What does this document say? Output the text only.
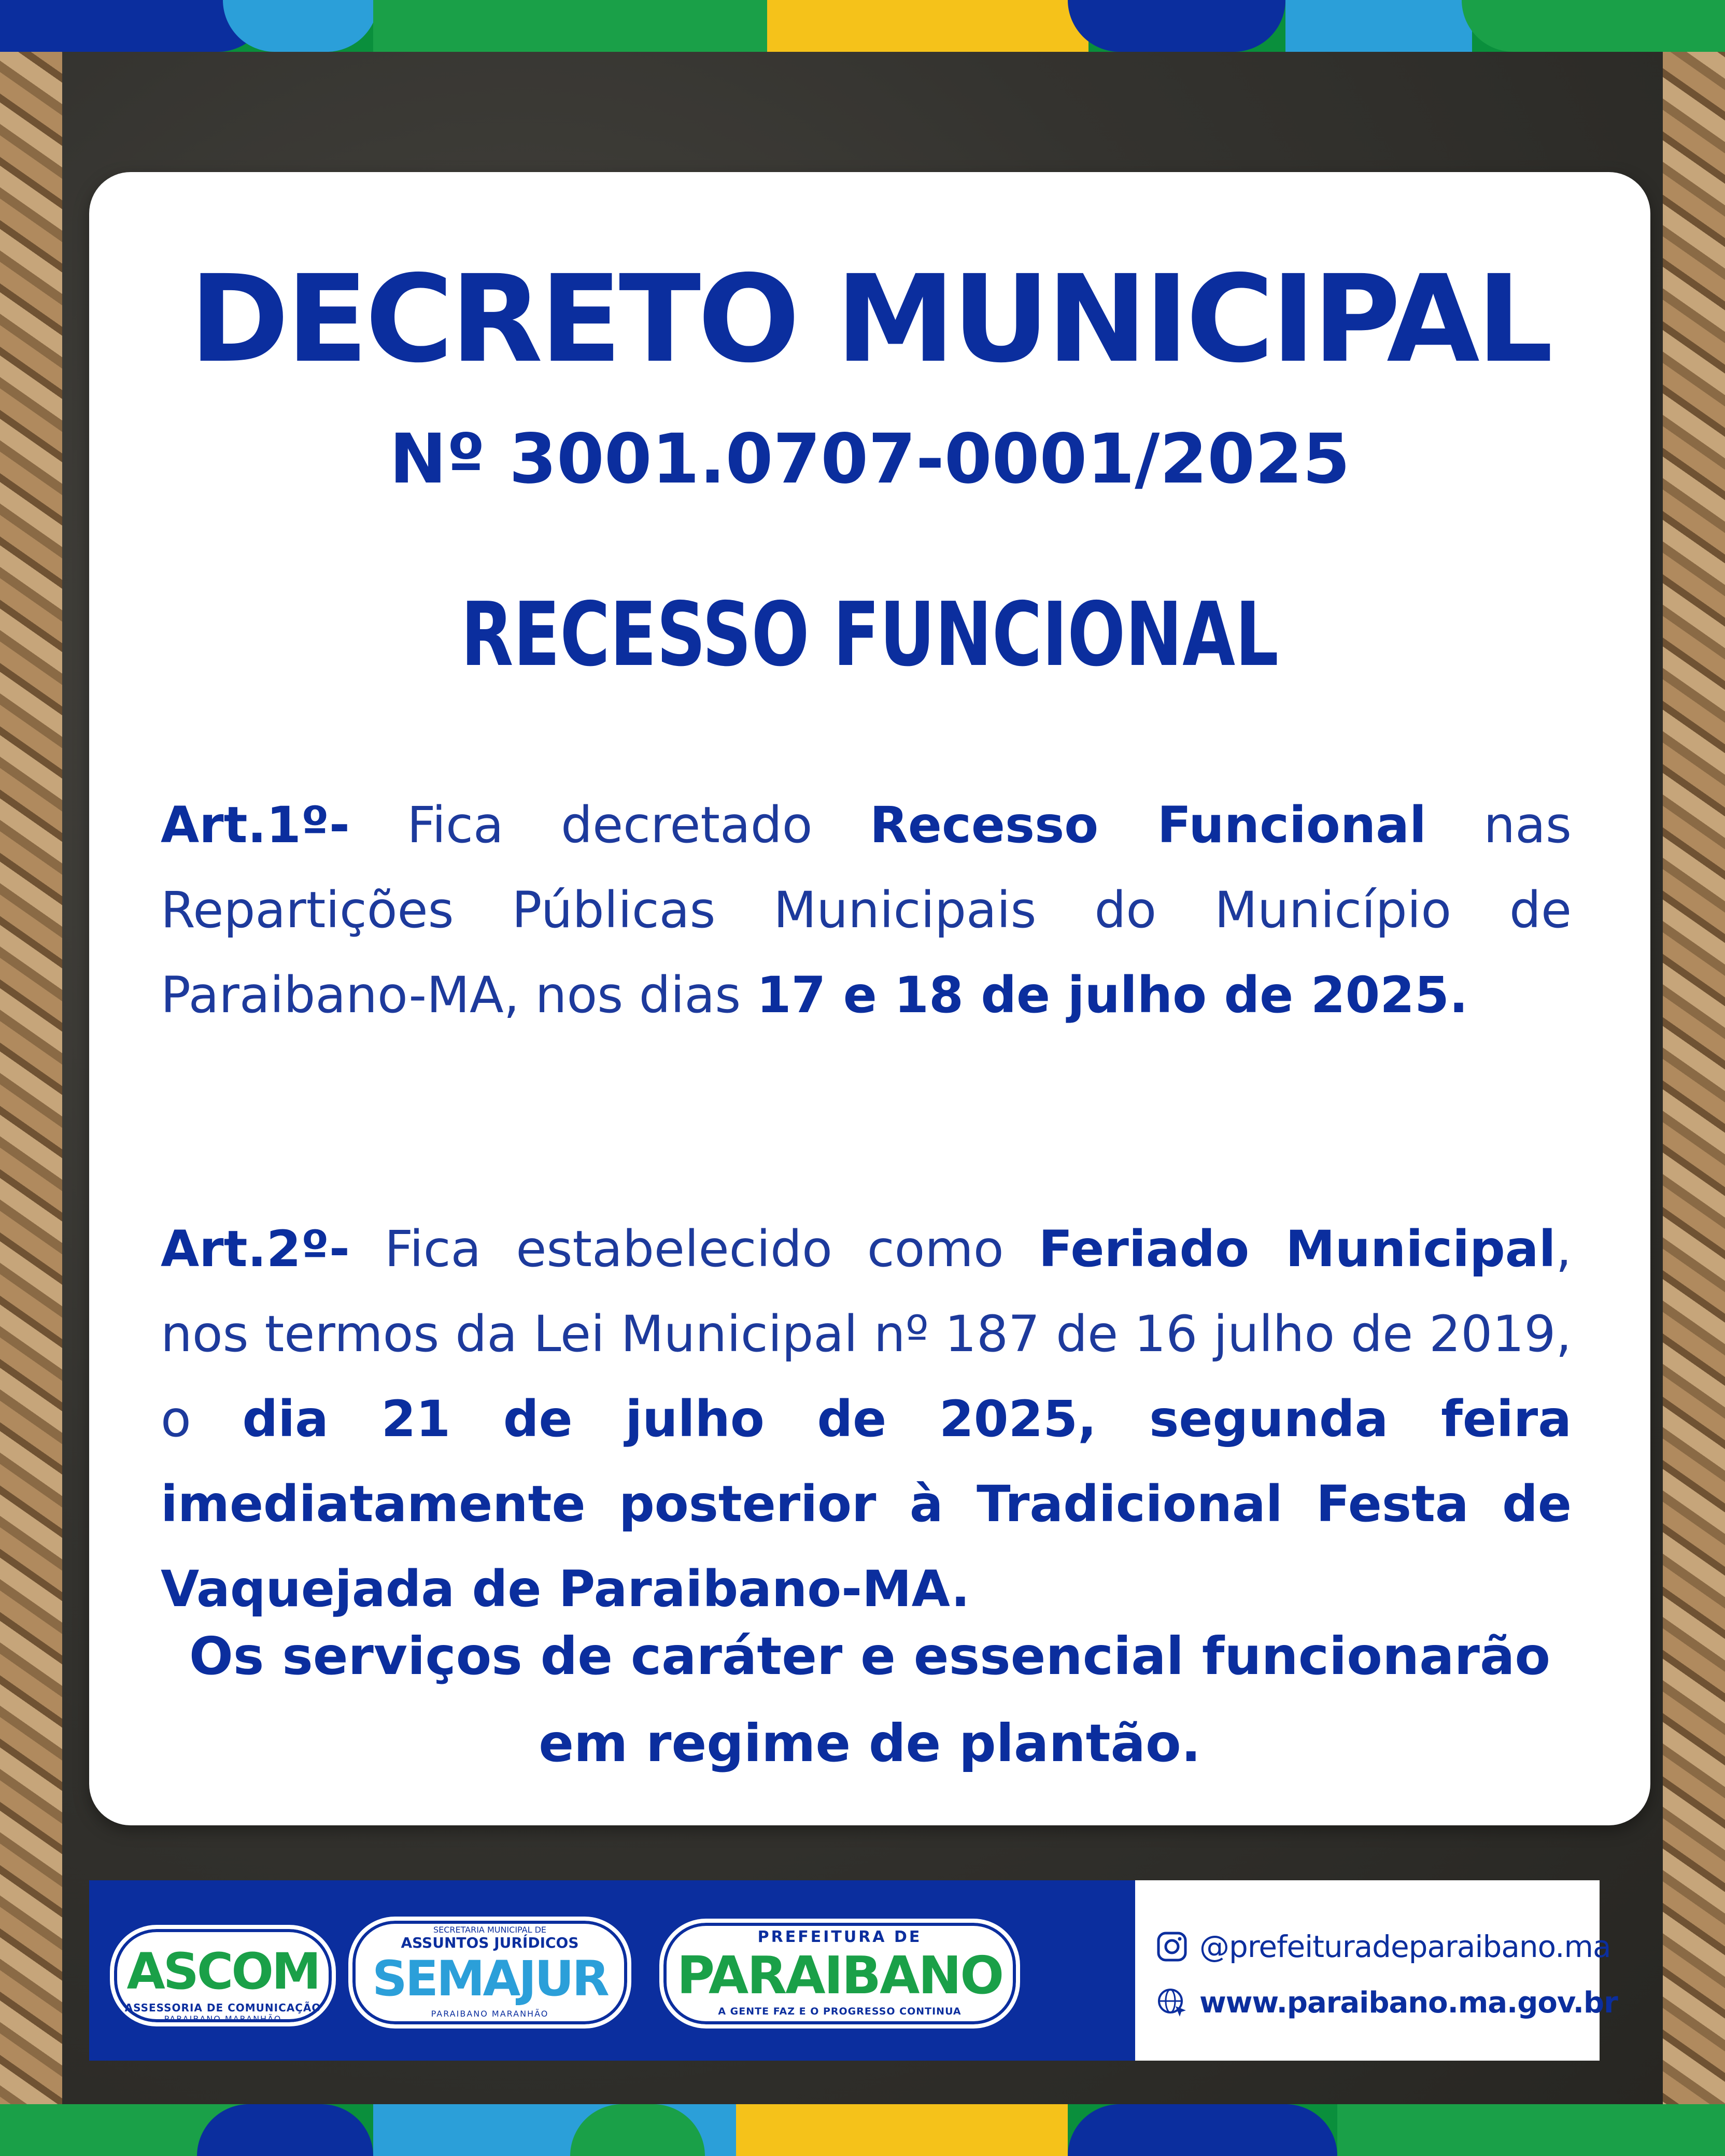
DECRETO MUNICIPAL
Nº 3001.0707-0001/2025
RECESSO FUNCIONAL

Art.1º- Fica decretado Recesso Funcional nas Repartições Públicas Municipais do Município de Paraibano-MA, nos dias 17 e 18 de julho de 2025.

Art.2º- Fica estabelecido como Feriado Municipal, nos termos da Lei Municipal nº 187 de 16 julho de 2019, o dia 21 de julho de 2025, segunda feira imediatamente posterior à Tradicional Festa de Vaquejada de Paraibano-MA.

Os serviços de caráter e essencial funcionarão
em regime de plantão.
ASCOM
ASSESSORIA DE COMUNICAÇÃO
PARAIBANO MARANHÃO
SECRETARIA MUNICIPAL DE
ASSUNTOS JURÍDICOS
SEMAJUR
PARAIBANO MARANHÃO
PREFEITURA DE
PARAIBANO
A GENTE FAZ E O PROGRESSO CONTINUA
@prefeituradeparaibano.ma
www.paraibano.ma.gov.br
